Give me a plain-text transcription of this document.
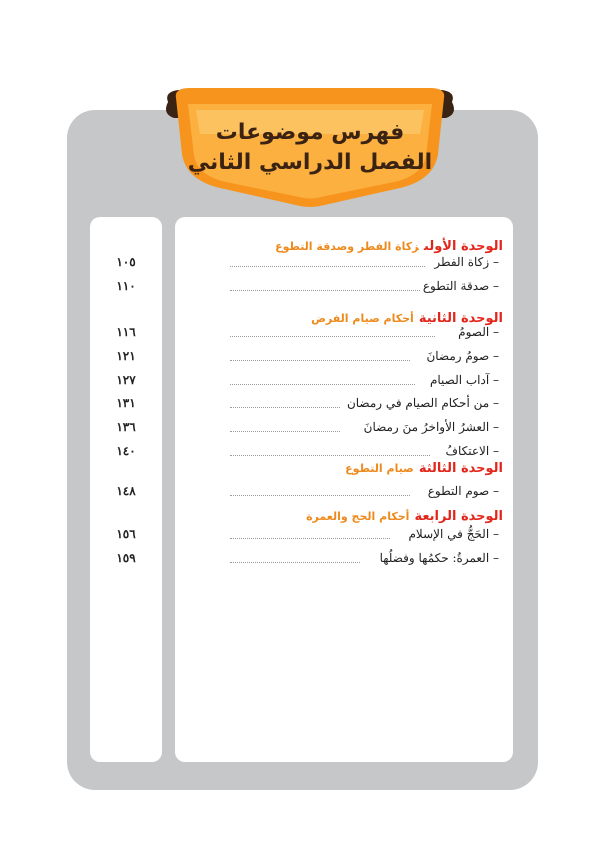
فهرس موضوعات
الفصل الدراسي الثاني
الوحدة الأولىزكاة الفطر وصدقة التطوع
– زكاة الفطر
– صدقة التطوع
الوحدة الثانيةأحكام صيام الفرض
– الصومُ
– صومُ رمضانَ
– آداب الصيام
– من أحكام الصيام في رمضان
– العشرُ الأواخرُ منَ رمضانَ
– الاعتكافُ
الوحدة الثالثةصيام التطوع
– صوم التطوع
الوحدة الرابعةأحكام الحج والعمرة
– الحَجُّ في الإسلام
– العمرةُ: حكمُها وفضلُها
١٠٥
١١٠
١١٦
١٢١
١٢٧
١٣١
١٣٦
١٤٠
١٤٨
١٥٦
١٥٩
